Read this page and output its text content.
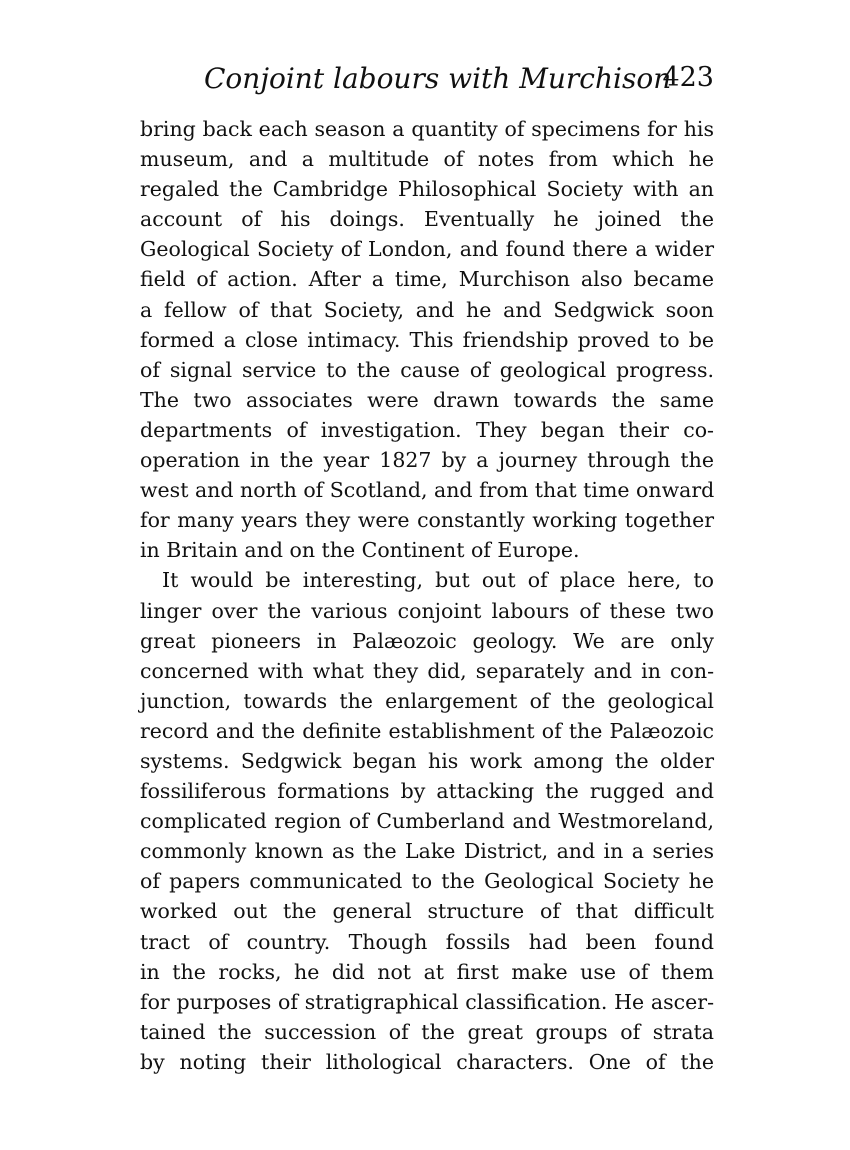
Conjoint labours with Murchison
423
bring back each season a quantity of specimens for his
museum, and a multitude of notes from which he
regaled the Cambridge Philosophical Society with an
account of his doings. Eventually he joined the
Geological Society of London, and found there a wider
field of action. After a time, Murchison also became
a fellow of that Society, and he and Sedgwick soon
formed a close intimacy. This friendship proved to be
of signal service to the cause of geological progress.
The two associates were drawn towards the same
departments of investigation. They began their co-
operation in the year 1827 by a journey through the
west and north of Scotland, and from that time onward
for many years they were constantly working together
in Britain and on the Continent of Europe.
It would be interesting, but out of place here, to
linger over the various conjoint labours of these two
great pioneers in Palæozoic geology. We are only
concerned with what they did, separately and in con-
junction, towards the enlargement of the geological
record and the definite establishment of the Palæozoic
systems. Sedgwick began his work among the older
fossiliferous formations by attacking the rugged and
complicated region of Cumberland and Westmoreland,
commonly known as the Lake District, and in a series
of papers communicated to the Geological Society he
worked out the general structure of that difficult
tract of country. Though fossils had been found
in the rocks, he did not at first make use of them
for purposes of stratigraphical classification. He ascer-
tained the succession of the great groups of strata
by noting their lithological characters. One of the
